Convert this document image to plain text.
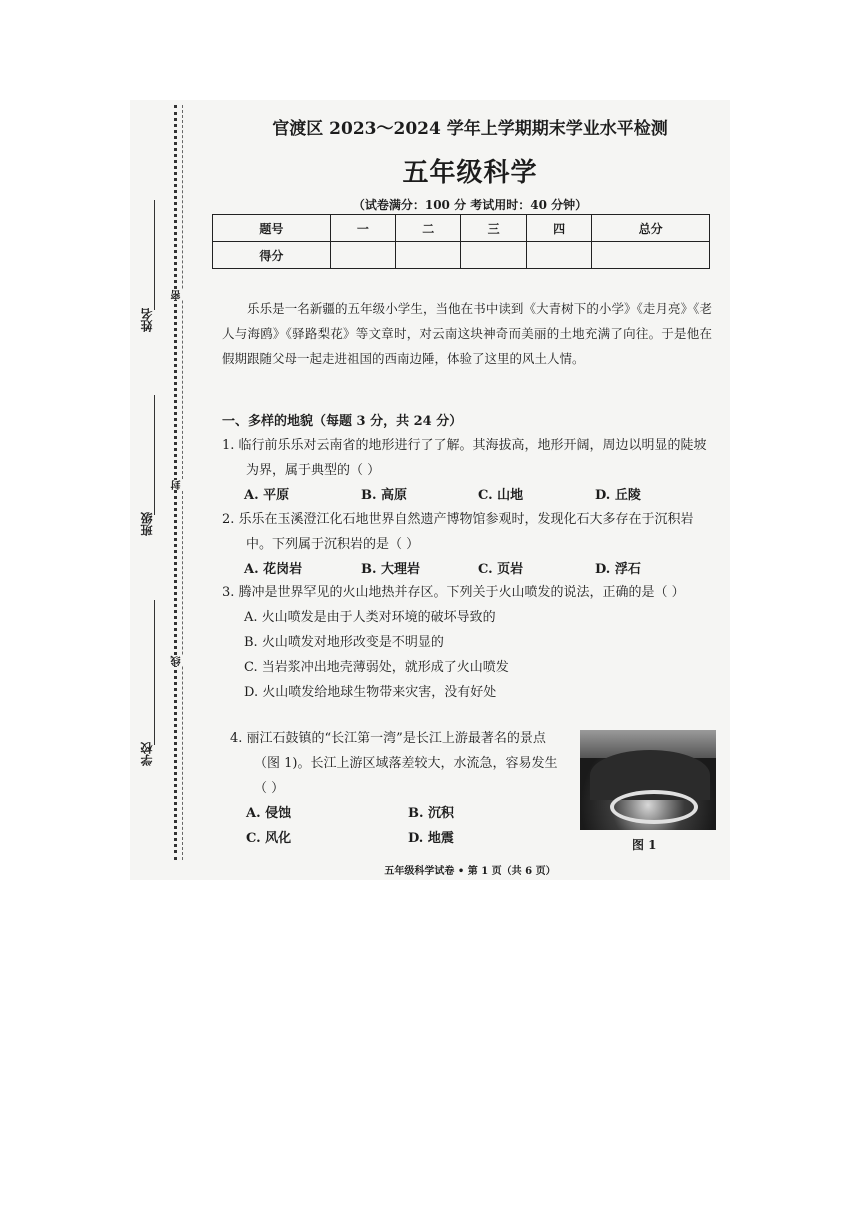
姓名
班级
学校
密
封
线
官渡区 2023～2024 学年上学期期末学业水平检测
五年级科学
（试卷满分：100 分 考试用时：40 分钟）
题号	一	二	三	四	总分
得分					
乐乐是一名新疆的五年级小学生，当他在书中读到《大青树下的小学》《走月亮》《老人与海鸥》《驿路梨花》等文章时，对云南这块神奇而美丽的土地充满了向往。于是他在假期跟随父母一起走进祖国的西南边陲，体验了这里的风土人情。
一、多样的地貌（每题 3 分，共 24 分）
1. 临行前乐乐对云南省的地形进行了了解。其海拔高，地形开阔，周边以明显的陡坡为界，属于典型的（ ）
A. 平原	B. 高原	C. 山地	D. 丘陵
2. 乐乐在玉溪澄江化石地世界自然遗产博物馆参观时，发现化石大多存在于沉积岩中。下列属于沉积岩的是（ ）
A. 花岗岩	B. 大理岩	C. 页岩	D. 浮石
3. 腾冲是世界罕见的火山地热并存区。下列关于火山喷发的说法，正确的是（ ）
A. 火山喷发是由于人类对环境的破坏导致的
B. 火山喷发对地形改变是不明显的
C. 当岩浆冲出地壳薄弱处，就形成了火山喷发
D. 火山喷发给地球生物带来灾害，没有好处
4. 丽江石鼓镇的“长江第一湾”是长江上游最著名的景点（图 1)。长江上游区域落差较大，水流急，容易发生（ ）
A. 侵蚀	B. 沉积
C. 风化	D. 地震	图 1
五年级科学试卷 • 第 1 页（共 6 页）
